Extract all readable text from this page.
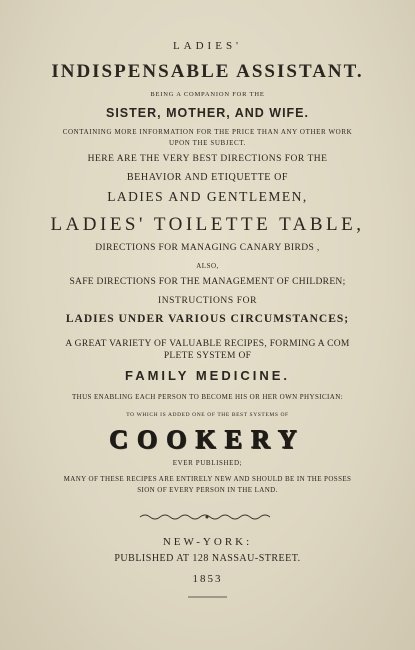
LADIES'
INDISPENSABLE ASSISTANT.
BEING A COMPANION FOR THE
SISTER, MOTHER, AND WIFE.
CONTAINING MORE INFORMATION FOR THE PRICE THAN ANY OTHER WORK
UPON THE SUBJECT.
HERE ARE THE VERY BEST DIRECTIONS FOR THE
BEHAVIOR AND ETIQUETTE OF
LADIES AND GENTLEMEN,
LADIES' TOILETTE TABLE,
DIRECTIONS FOR MANAGING CANARY BIRDS ,
ALSO,
SAFE DIRECTIONS FOR THE MANAGEMENT OF CHILDREN;
INSTRUCTIONS FOR
LADIES UNDER VARIOUS CIRCUMSTANCES;
A GREAT VARIETY OF VALUABLE RECIPES, FORMING A COM
PLETE SYSTEM OF
FAMILY MEDICINE.
THUS ENABLING EACH PERSON TO BECOME HIS OR HER OWN PHYSICIAN:
TO WHICH IS ADDED ONE OF THE BEST SYSTEMS OF
COOKERY
EVER PUBLISHED;
MANY OF THESE RECIPES ARE ENTIRELY NEW AND SHOULD BE IN THE POSSES
SION OF EVERY PERSON IN THE LAND.
NEW-YORK:
PUBLISHED AT 128 NASSAU-STREET.
1853
